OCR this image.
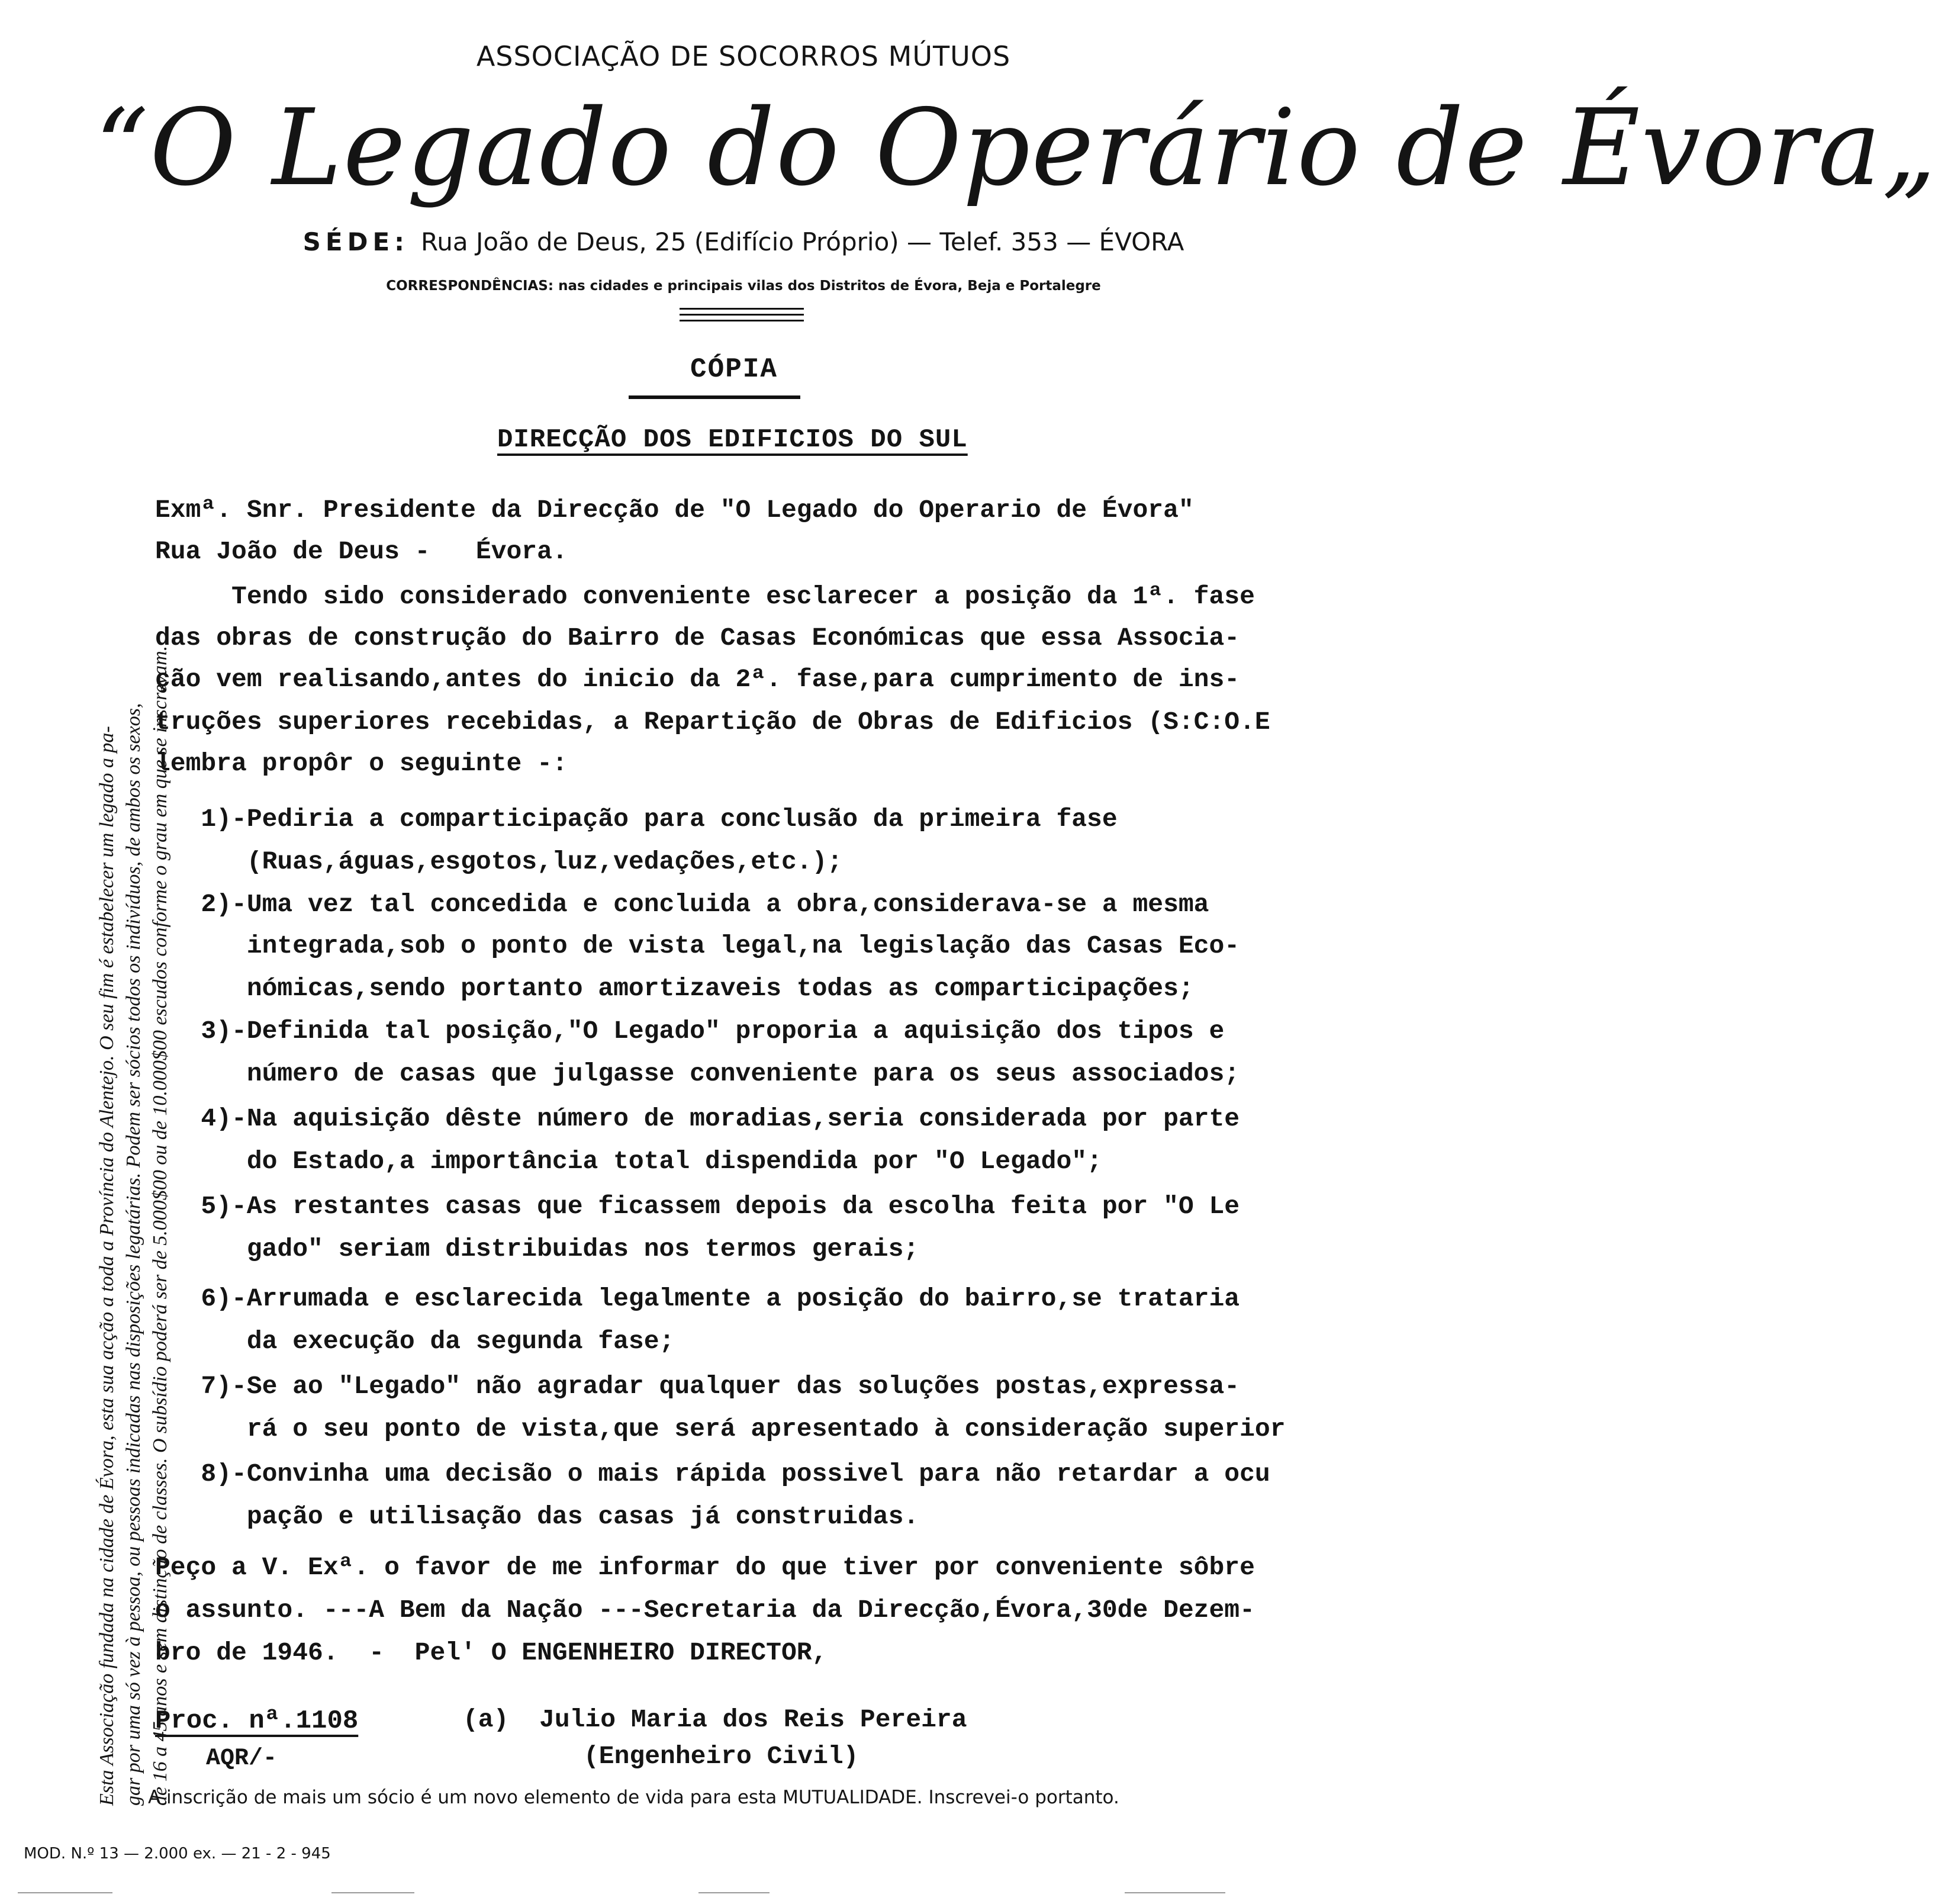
ASSOCIAÇÃO DE SOCORROS MÚTUOS
“O Legado do Operário de Évora„
SÉDE: Rua João de Deus, 25 (Edifício Próprio) — Telef. 353 — ÉVORA
CORRESPONDÊNCIAS: nas cidades e principais vilas dos Distritos de Évora, Beja e Portalegre
Esta Associação fundada na cidade de Évora, esta sua acção a toda a Província do Alentejo. O seu fim é estabelecer um legado a pa- gar por uma só vez à pessoa, ou pessoas indicadas nas disposições legatárias. Podem ser sócios todos os indivíduos, de ambos os sexos, de 16 a 45 anos e sem distinção de classes. O subsídio poderá ser de 5.000$00 ou de 10.000$00 escudos conforme o grau em que se inscrevam.
CÓPIA
DIRECÇÃO DOS EDIFICIOS DO SUL
Exmª. Snr. Presidente da Direcção de "O Legado do Operario de Évora"
Rua João de Deus -   Évora.
Tendo sido considerado conveniente esclarecer a posição da 1ª. fase
das obras de construção do Bairro de Casas Económicas que essa Associa-
ção vem realisando,antes do inicio da 2ª. fase,para cumprimento de ins-
truções superiores recebidas, a Repartição de Obras de Edificios (S:C:O.E
lembra propôr o seguinte -:
1)-Pediria a comparticipação para conclusão da primeira fase
(Ruas,águas,esgotos,luz,vedações,etc.);
2)-Uma vez tal concedida e concluida a obra,considerava-se a mesma
integrada,sob o ponto de vista legal,na legislação das Casas Eco-
nómicas,sendo portanto amortizaveis todas as comparticipações;
3)-Definida tal posição,"O Legado" proporia a aquisição dos tipos e
número de casas que julgasse conveniente para os seus associados;
4)-Na aquisição dêste número de moradias,seria considerada por parte
do Estado,a importância total dispendida por "O Legado";
5)-As restantes casas que ficassem depois da escolha feita por "O Le
gado" seriam distribuidas nos termos gerais;
6)-Arrumada e esclarecida legalmente a posição do bairro,se trataria
da execução da segunda fase;
7)-Se ao "Legado" não agradar qualquer das soluções postas,expressa-
rá o seu ponto de vista,que será apresentado à consideração superior
8)-Convinha uma decisão o mais rápida possivel para não retardar a ocu
pação e utilisação das casas já construidas.
Peço a V. Exª. o favor de me informar do que tiver por conveniente sôbre
o assunto. ---A Bem da Nação ---Secretaria da Direcção,Évora,30de Dezem-
bro de 1946.  -  Pel' O ENGENHEIRO DIRECTOR,
Proc. nª.1108
AQR/-
(a)  Julio Maria dos Reis Pereira
(Engenheiro Civil)
A inscrição de mais um sócio é um novo elemento de vida para esta MUTUALIDADE. Inscrevei-o portanto.
MOD. N.º 13 — 2.000 ex. — 21 - 2 - 945
